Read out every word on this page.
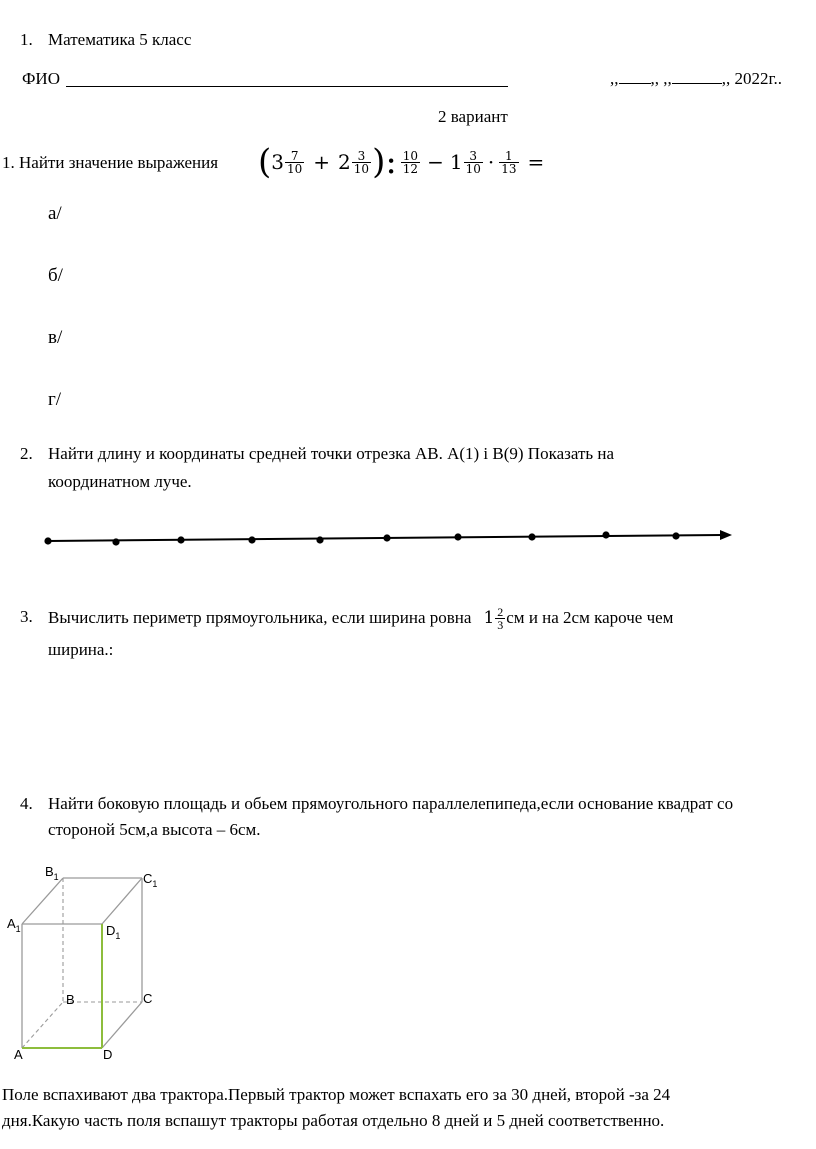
1. Математика 5 класс
ФИО	,, ,, ,,	,, 2022г..
2 вариант
1. Найти значение выражения ( $3 \frac{7}{10} + 2 \frac{3}{10}$ ): $\frac{10}{12} - 1 \frac{3}{10} \cdot \frac{1}{13}$ =
а/
б/
в/
г/
2. Найти длину и координаты средней точки отрезка АВ. А(1) і В(9) Показать на
координатном луче.
3. Вычислить периметр прямоугольника, если ширина ровна $1 \frac{2}{3}$ см и на 2см кароче чем
ширина.:
4. Найти боковую площадь и обьем прямоугольного параллелепипеда,если основание квадрат со
стороной 5см,а высота – 6см.
$B_1$	$C_1$
$A_1$	$D_1$
B	C
A	D
Поле вспахивают два трактора.Первый трактор может вспахать его за 30 дней, второй -за 24
дня.Какую часть поля вспашут тракторы работая отдельно 8 дней и 5 дней соответственно.
